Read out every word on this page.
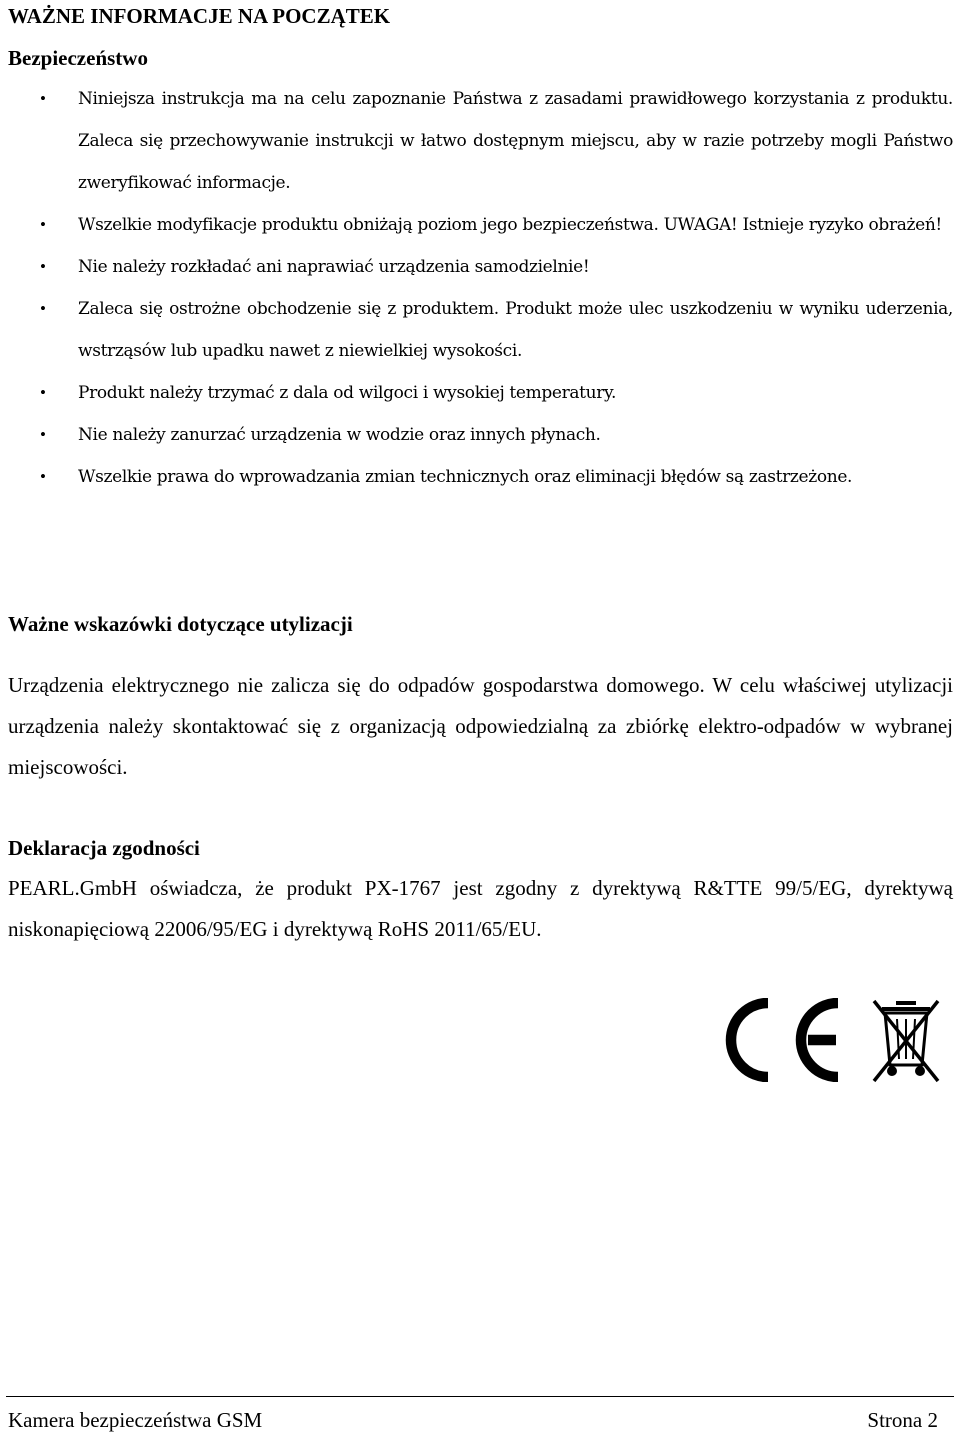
WAŻNE INFORMACJE NA POCZĄTEK
Bezpieczeństwo
• Niniejsza instrukcja ma na celu zapoznanie Państwa z zasadami prawidłowego korzystania z produktu. Zaleca się przechowywanie instrukcji w łatwo dostępnym miejscu, aby w razie potrzeby mogli Państwo zweryfikować informacje.
• Wszelkie modyfikacje produktu obniżają poziom jego bezpieczeństwa. UWAGA! Istnieje ryzyko obrażeń!
• Nie należy rozkładać ani naprawiać urządzenia samodzielnie!
• Zaleca się ostrożne obchodzenie się z produktem. Produkt może ulec uszkodzeniu w wyniku uderzenia, wstrząsów lub upadku nawet z niewielkiej wysokości.
• Produkt należy trzymać z dala od wilgoci i wysokiej temperatury.
• Nie należy zanurzać urządzenia w wodzie oraz innych płynach.
• Wszelkie prawa do wprowadzania zmian technicznych oraz eliminacji błędów są zastrzeżone.
Ważne wskazówki dotyczące utylizacji

Urządzenia elektrycznego nie zalicza się do odpadów gospodarstwa domowego. W celu właściwej utylizacji urządzenia należy skontaktować się z organizacją odpowiedzialną za zbiórkę elektro-odpadów w wybranej miejscowości.

Deklaracja zgodności

PEARL.GmbH oświadcza, że produkt PX-1767 jest zgodny z dyrektywą R&TTE 99/5/EG, dyrektywą niskonapięciową 22006/95/EG i dyrektywą RoHS 2011/65/EU.

Kamera bezpieczeństwa GSM	Strona 2
